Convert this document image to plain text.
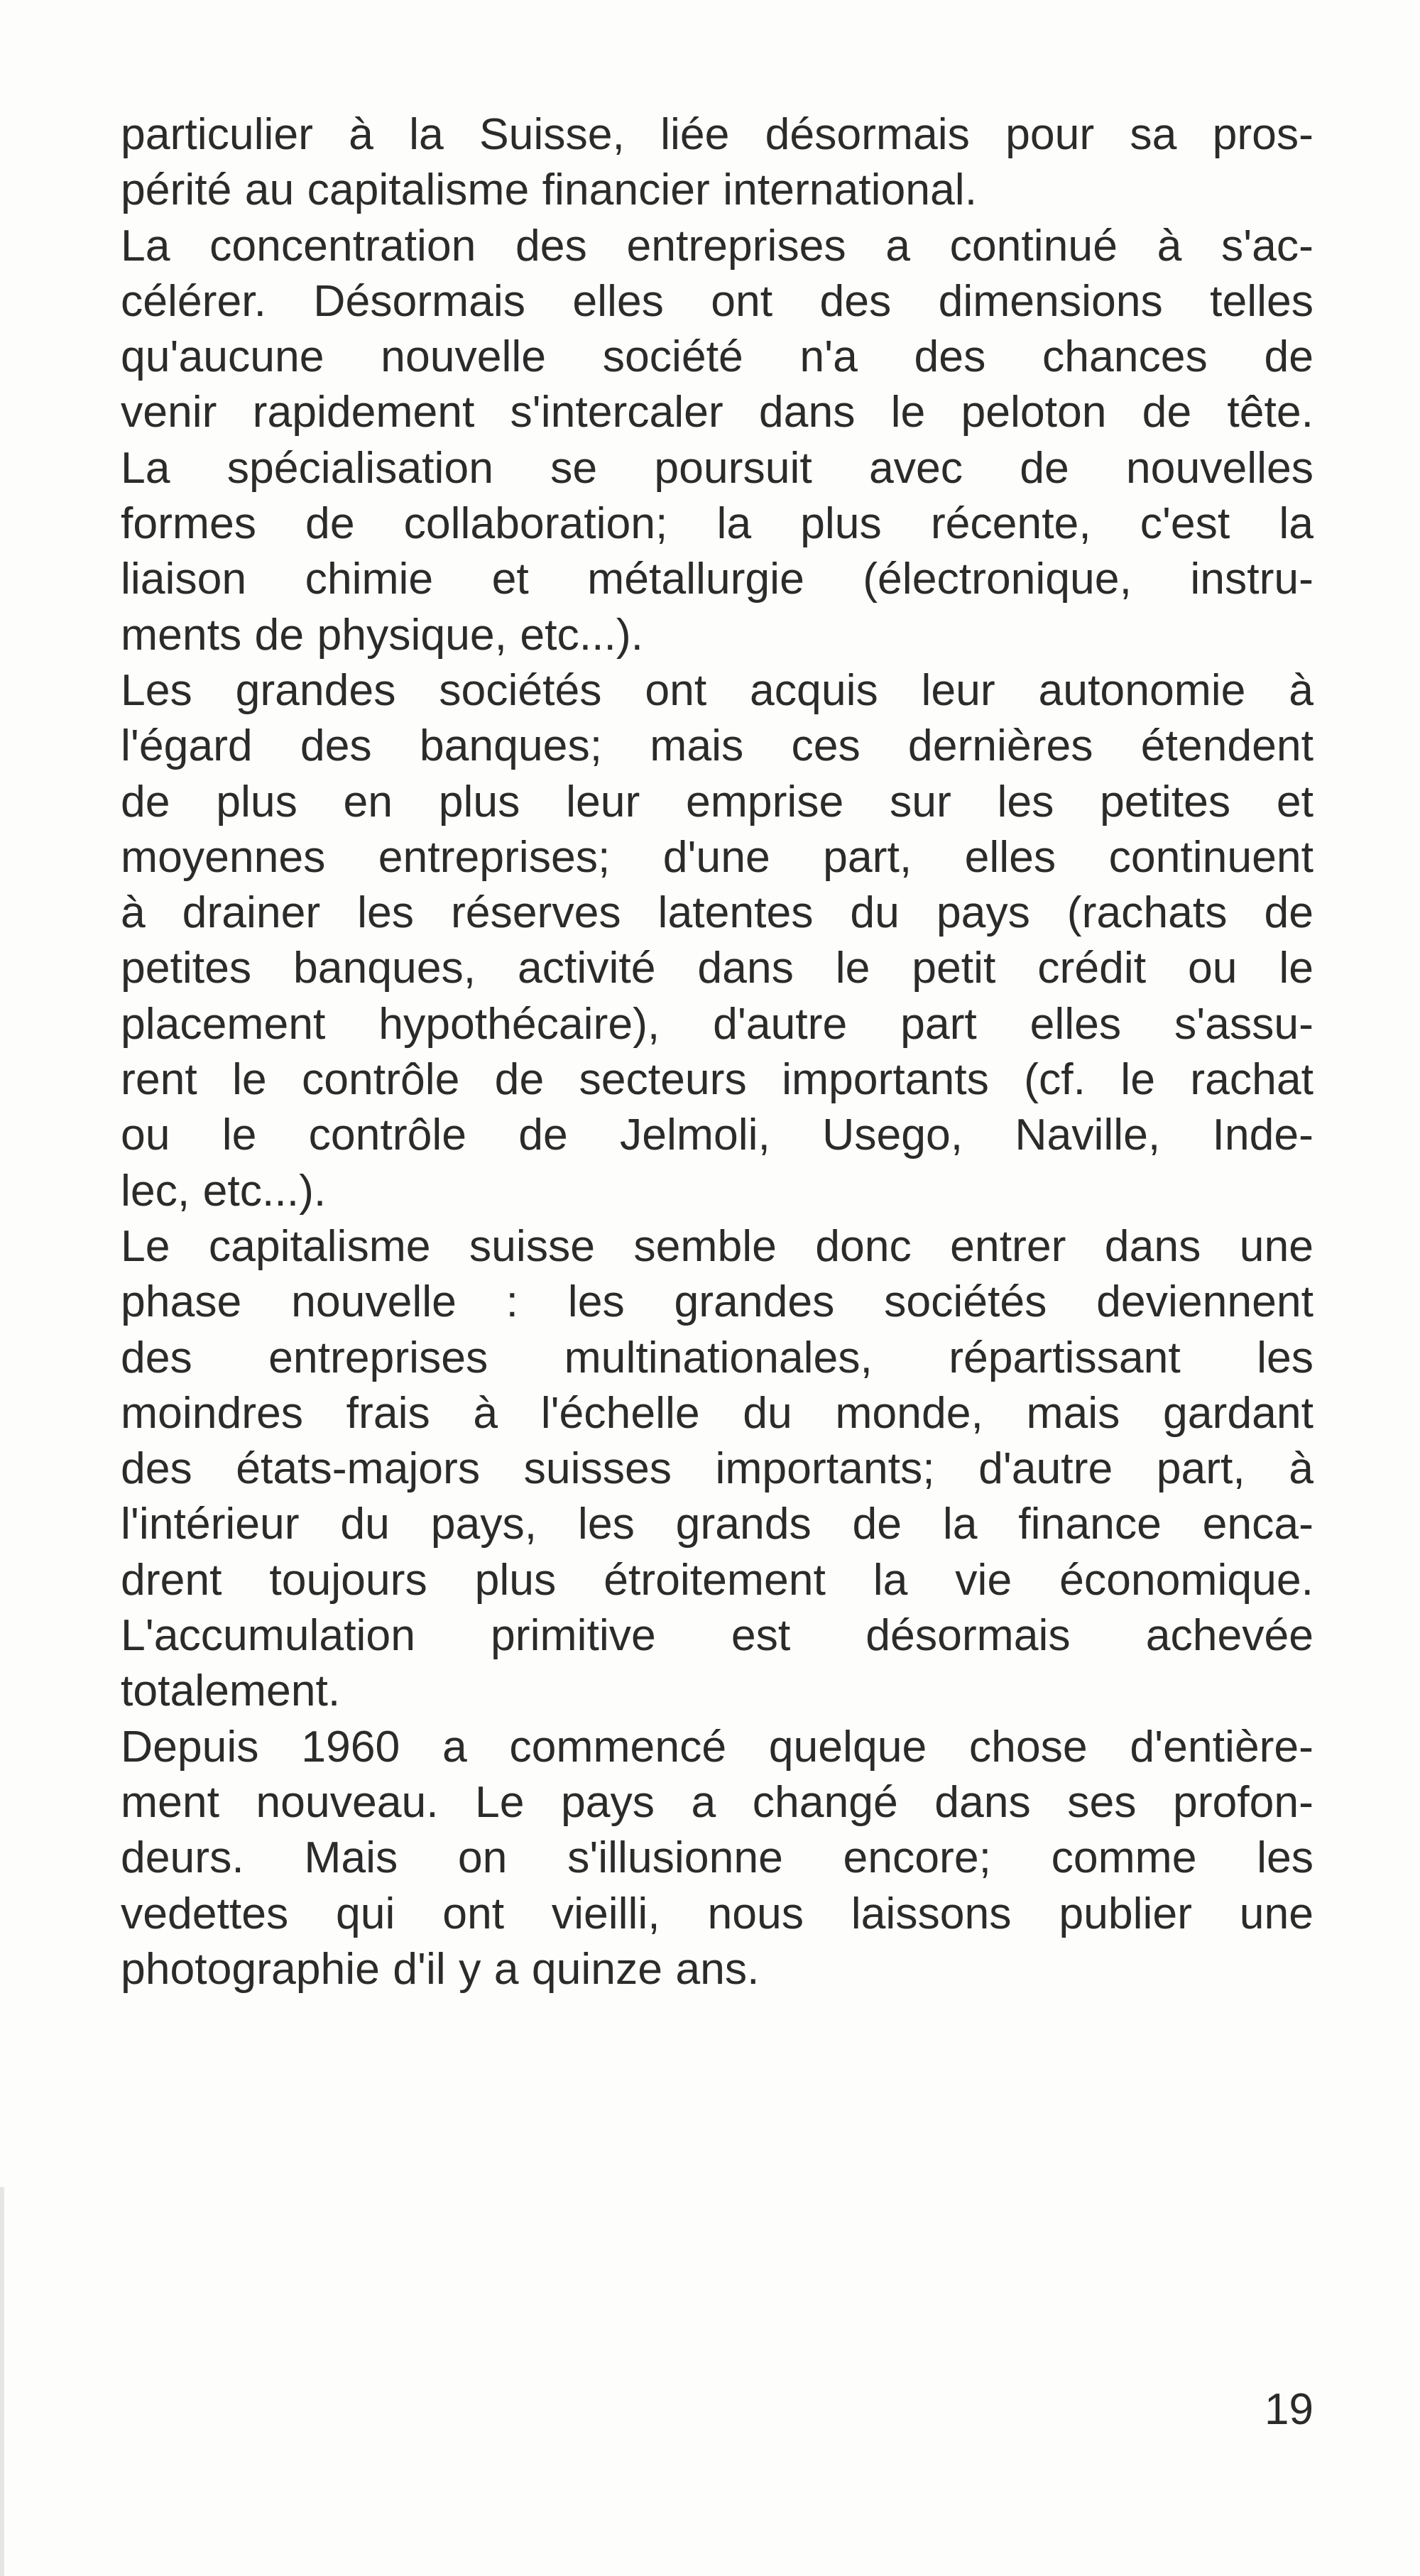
particulier à la Suisse, liée désormais pour sa pros-
périté au capitalisme financier international.
La concentration des entreprises a continué à s'ac-
célérer. Désormais elles ont des dimensions telles
qu'aucune nouvelle société n'a des chances de
venir rapidement s'intercaler dans le peloton de tête.
La spécialisation se poursuit avec de nouvelles
formes de collaboration; la plus récente, c'est la
liaison chimie et métallurgie (électronique, instru-
ments de physique, etc...).
Les grandes sociétés ont acquis leur autonomie à
l'égard des banques; mais ces dernières étendent
de plus en plus leur emprise sur les petites et
moyennes entreprises; d'une part, elles continuent
à drainer les réserves latentes du pays (rachats de
petites banques, activité dans le petit crédit ou le
placement hypothécaire), d'autre part elles s'assu-
rent le contrôle de secteurs importants (cf. le rachat
ou le contrôle de Jelmoli, Usego, Naville, Inde-
lec, etc...).
Le capitalisme suisse semble donc entrer dans une
phase nouvelle : les grandes sociétés deviennent
des entreprises multinationales, répartissant les
moindres frais à l'échelle du monde, mais gardant
des états-majors suisses importants; d'autre part, à
l'intérieur du pays, les grands de la finance enca-
drent toujours plus étroitement la vie économique.
L'accumulation primitive est désormais achevée
totalement.
Depuis 1960 a commencé quelque chose d'entière-
ment nouveau. Le pays a changé dans ses profon-
deurs. Mais on s'illusionne encore; comme les
vedettes qui ont vieilli, nous laissons publier une
photographie d'il y a quinze ans.
19
